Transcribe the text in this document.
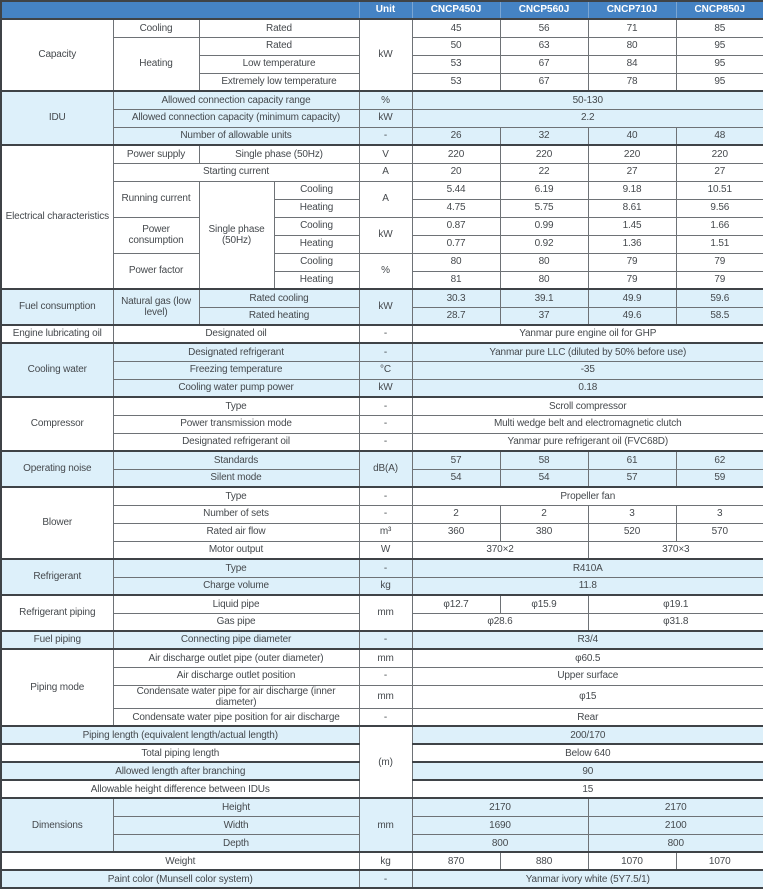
				Unit	CNCP450J	CNCP560J	CNCP710J	CNCP850J
Capacity	Cooling	Rated		kW	45	56	71	85
	Heating	Rated			50	63	80	95
		Low temperature			53	67	84	95
		Extremely low temperature			53	67	78	95
IDU	Allowed connection capacity range			%	50-130			
	Allowed connection capacity (minimum capacity)			kW	2.2			
	Number of allowable units			-	26	32	40	48
Electrical characteristics	Power supply	Single phase (50Hz)		V	220	220	220	220
	Starting current			A	20	22	27	27
	Running current	Single phase (50Hz)	Cooling	A	5.44	6.19	9.18	10.51
			Heating		4.75	5.75	8.61	9.56
	Power consumption		Cooling	kW	0.87	0.99	1.45	1.66
			Heating		0.77	0.92	1.36	1.51
	Power factor		Cooling	%	80	80	79	79
			Heating		81	80	79	79
Fuel consumption	Natural gas (low level)	Rated cooling		kW	30.3	39.1	49.9	59.6
		Rated heating			28.7	37	49.6	58.5
Engine lubricating oil	Designated oil			-	Yanmar pure engine oil for GHP			
Cooling water	Designated refrigerant			-	Yanmar pure LLC (diluted by 50% before use)			
	Freezing temperature			°C	-35			
	Cooling water pump power			kW	0.18			
Compressor	Type			-	Scroll compressor			
	Power transmission mode			-	Multi wedge belt and electromagnetic clutch			
	Designated refrigerant oil			-	Yanmar pure refrigerant oil (FVC68D)			
Operating noise	Standards			dB(A)	57	58	61	62
	Silent mode				54	54	57	59
Blower	Type			-	Propeller fan			
	Number of sets			-	2	2	3	3
	Rated air flow			m³	360	380	520	570
	Motor output			W	370×2		370×3	
Refrigerant	Type			-	R410A			
	Charge volume			kg	11.8			
Refrigerant piping	Liquid pipe			mm	φ12.7	φ15.9	φ19.1	
	Gas pipe				φ28.6		φ31.8	
Fuel piping	Connecting pipe diameter			-	R3/4			
Piping mode	Air discharge outlet pipe (outer diameter)			mm	φ60.5			
	Air discharge outlet position			-	Upper surface			
	Condensate water pipe for air discharge (inner diameter)			mm	φ15			
	Condensate water pipe position for air discharge			-	Rear			
Piping length (equivalent length/actual length)				(m)	200/170			
Total piping length					Below 640			
Allowed length after branching					90			
Allowable height difference between IDUs					15			
Dimensions	Height			mm	2170		2170	
	Width				1690		2100	
	Depth				800		800	
Weight				kg	870	880	1070	1070
Paint color (Munsell color system)				-	Yanmar ivory white (5Y7.5/1)			
